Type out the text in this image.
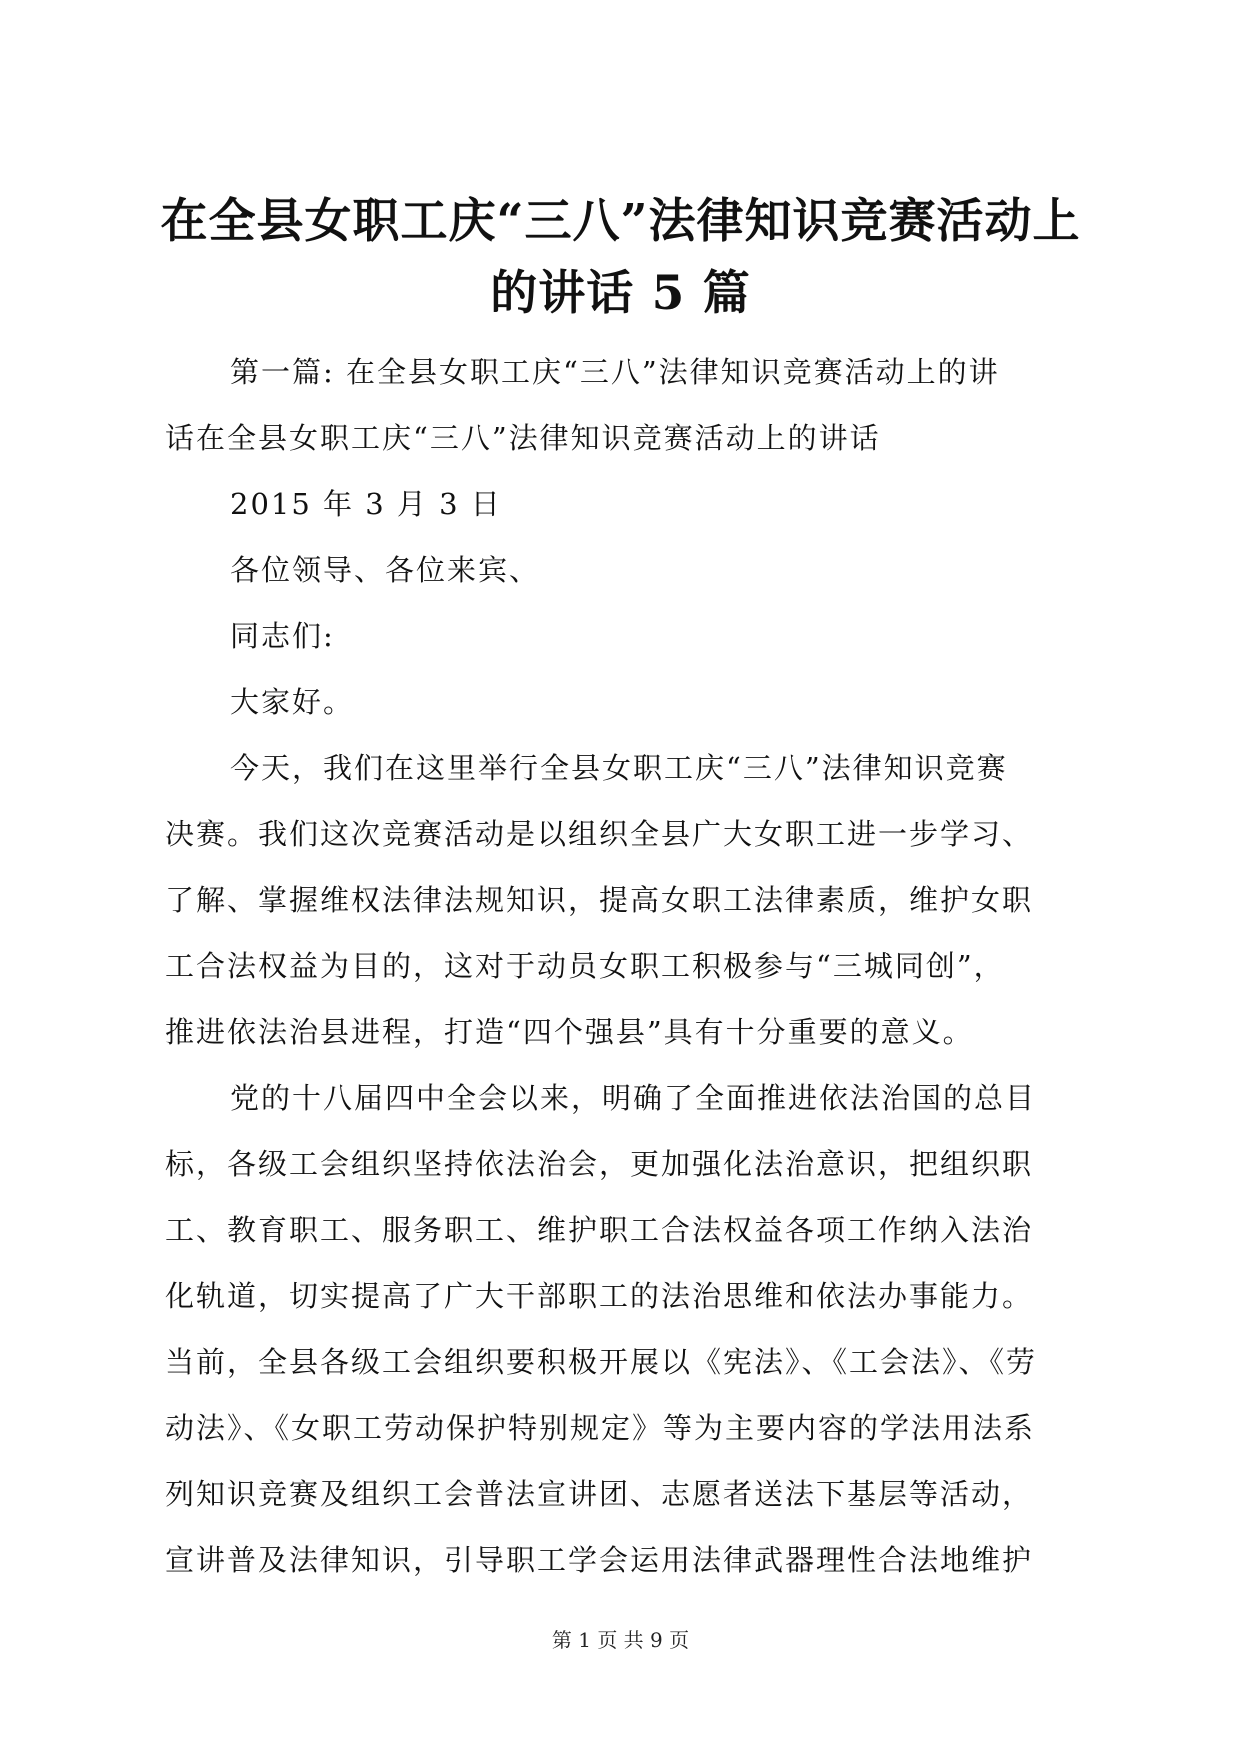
在全县女职工庆“三八”法律知识竞赛活动上
的讲话 5 篇
第一篇: 在全县女职工庆“三八”法律知识竞赛活动上的讲
话在全县女职工庆“三八”法律知识竞赛活动上的讲话
2015 年 3 月 3 日
各位领导、各位来宾、
同志们:
大家好。
今天，我们在这里举行全县女职工庆“三八”法律知识竞赛
决赛。我们这次竞赛活动是以组织全县广大女职工进一步学习、
了解、掌握维权法律法规知识，提高女职工法律素质，维护女职
工合法权益为目的，这对于动员女职工积极参与“三城同创”，
推进依法治县进程，打造“四个强县”具有十分重要的意义。
党的十八届四中全会以来，明确了全面推进依法治国的总目
标，各级工会组织坚持依法治会，更加强化法治意识，把组织职
工、教育职工、服务职工、维护职工合法权益各项工作纳入法治
化轨道，切实提高了广大干部职工的法治思维和依法办事能力。
当前，全县各级工会组织要积极开展以《宪法》、《工会法》、《劳
动法》、《女职工劳动保护特别规定》等为主要内容的学法用法系
列知识竞赛及组织工会普法宣讲团、志愿者送法下基层等活动，
宣讲普及法律知识，引导职工学会运用法律武器理性合法地维护
第 1 页 共 9 页
